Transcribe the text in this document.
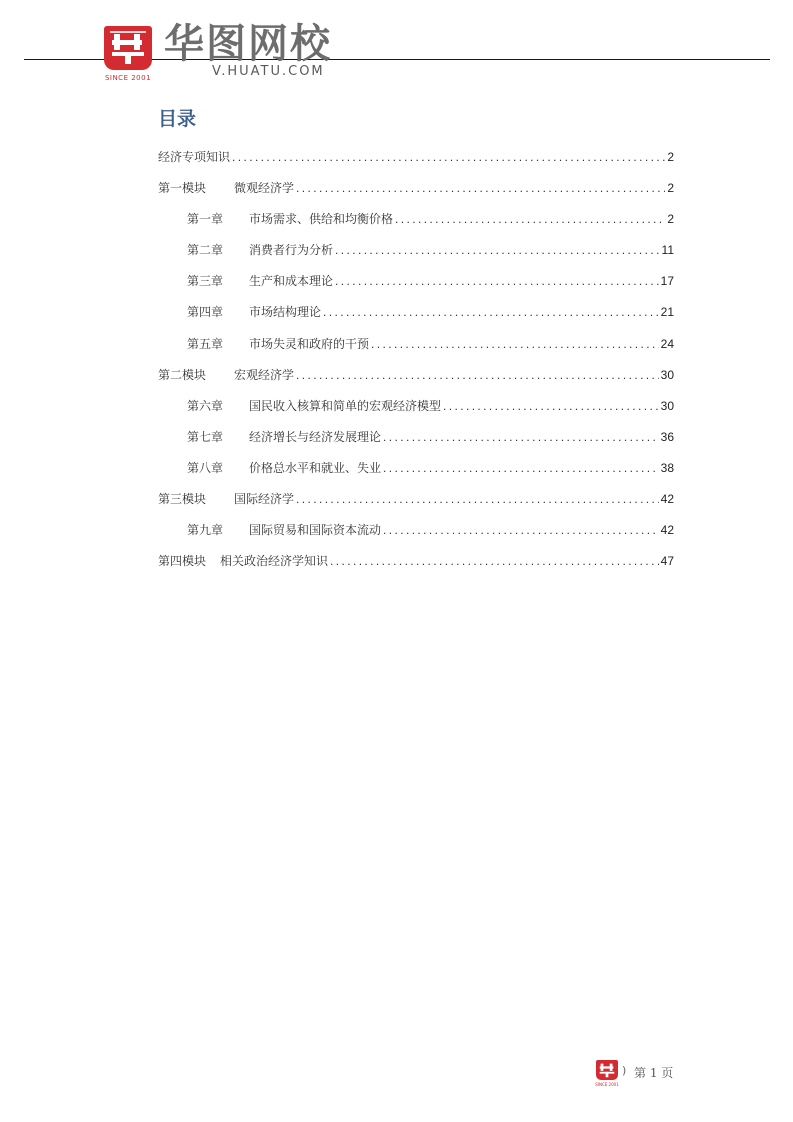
SINCE 2001
华图网校
V.HUATU.COM
目录
经济专项知识 .....	2
第一模块 微观经济学 .....	2
第一章 市场需求、供给和均衡价格 .....	2
第二章 消费者行为分析 .....	11
第三章 生产和成本理论 .....	17
第四章 市场结构理论 .....	21
第五章 市场失灵和政府的干预 .....	24
第二模块 宏观经济学 .....	30
第六章 国民收入核算和简单的宏观经济模型 .....	30
第七章 经济增长与经济发展理论 .....	36
第八章 价格总水平和就业、失业 .....	38
第三模块 国际经济学 .....	42
第九章 国际贸易和国际资本流动 .....	42
第四模块 相关政治经济学知识 .....	47
SINCE 2001
) 第 1 页
